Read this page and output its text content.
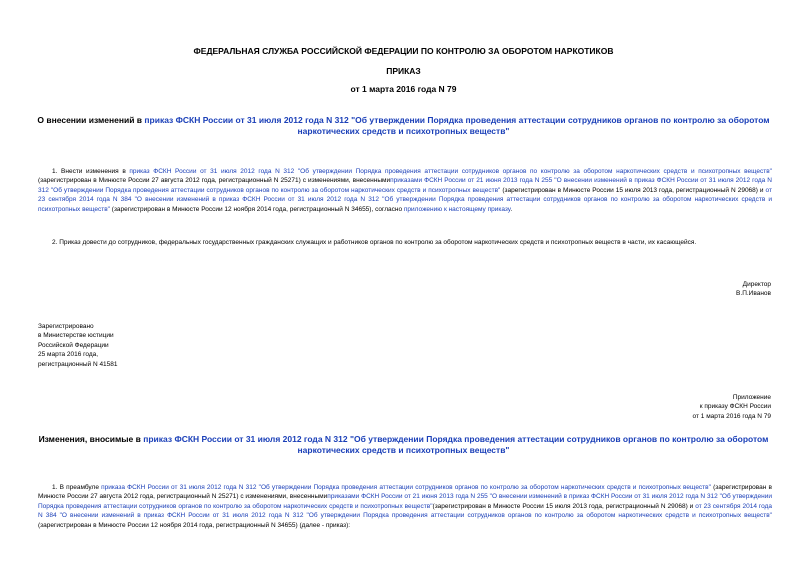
ФЕДЕРАЛЬНАЯ СЛУЖБА РОССИЙСКОЙ ФЕДЕРАЦИИ ПО КОНТРОЛЮ ЗА ОБОРОТОМ НАРКОТИКОВ
ПРИКАЗ
от 1 марта 2016 года N 79
О внесении изменений в приказ ФСКН России от 31 июля 2012 года N 312 "Об утверждении Порядка проведения аттестации сотрудников органов по контролю за оборотом наркотических средств и психотропных веществ"
1. Внести изменения в приказ ФСКН России от 31 июля 2012 года N 312 "Об утверждении Порядка проведения аттестации сотрудников органов по контролю за оборотом наркотических средств и психотропных веществ" (зарегистрирован в Минюсте России 27 августа 2012 года, регистрационный N 25271) с изменениями, внесеннымиприказами ФСКН России от 21 июня 2013 года N 255 "О внесении изменений в приказ ФСКН России от 31 июля 2012 года N 312 "Об утверждении Порядка проведения аттестации сотрудников органов по контролю за оборотом наркотических средств и психотропных веществ" (зарегистрирован в Минюсте России 15 июля 2013 года, регистрационный N 29068) и от 23 сентября 2014 года N 384 "О внесении изменений в приказ ФСКН России от 31 июля 2012 года N 312 "Об утверждении Порядка проведения аттестации сотрудников органов по контролю за оборотом наркотических средств и психотропных веществ" (зарегистрирован в Минюсте России 12 ноября 2014 года, регистрационный N 34655), согласно приложению к настоящему приказу.
2. Приказ довести до сотрудников, федеральных государственных гражданских служащих и работников органов по контролю за оборотом наркотических средств и психотропных веществ в части, их касающейся.
Директор
В.П.Иванов
Зарегистрировано
в Министерстве юстиции
Российской Федерации
25 марта 2016 года,
регистрационный N 41581
Приложение
к приказу ФСКН России
от 1 марта 2016 года N 79
Изменения, вносимые в приказ ФСКН России от 31 июля 2012 года N 312 "Об утверждении Порядка проведения аттестации сотрудников органов по контролю за оборотом наркотических средств и психотропных веществ"
1. В преамбуле приказа ФСКН России от 31 июля 2012 года N 312 "Об утверждении Порядка проведения аттестации сотрудников органов по контролю за оборотом наркотических средств и психотропных веществ" (зарегистрирован в Минюсте России 27 августа 2012 года, регистрационный N 25271) с изменениями, внесеннымиприказами ФСКН России от 21 июня 2013 года N 255 "О внесении изменений в приказ ФСКН России от 31 июля 2012 года N 312 "Об утверждении Порядка проведения аттестации сотрудников органов по контролю за оборотом наркотических средств и психотропных веществ"(зарегистрирован в Минюсте России 15 июля 2013 года, регистрационный N 29068) и от 23 сентября 2014 года N 384 "О внесении изменений в приказ ФСКН России от 31 июля 2012 года N 312 "Об утверждении Порядка проведения аттестации сотрудников органов по контролю за оборотом наркотических средств и психотропных веществ" (зарегистрирован в Минюсте России 12 ноября 2014 года, регистрационный N 34655) (далее - приказ):
